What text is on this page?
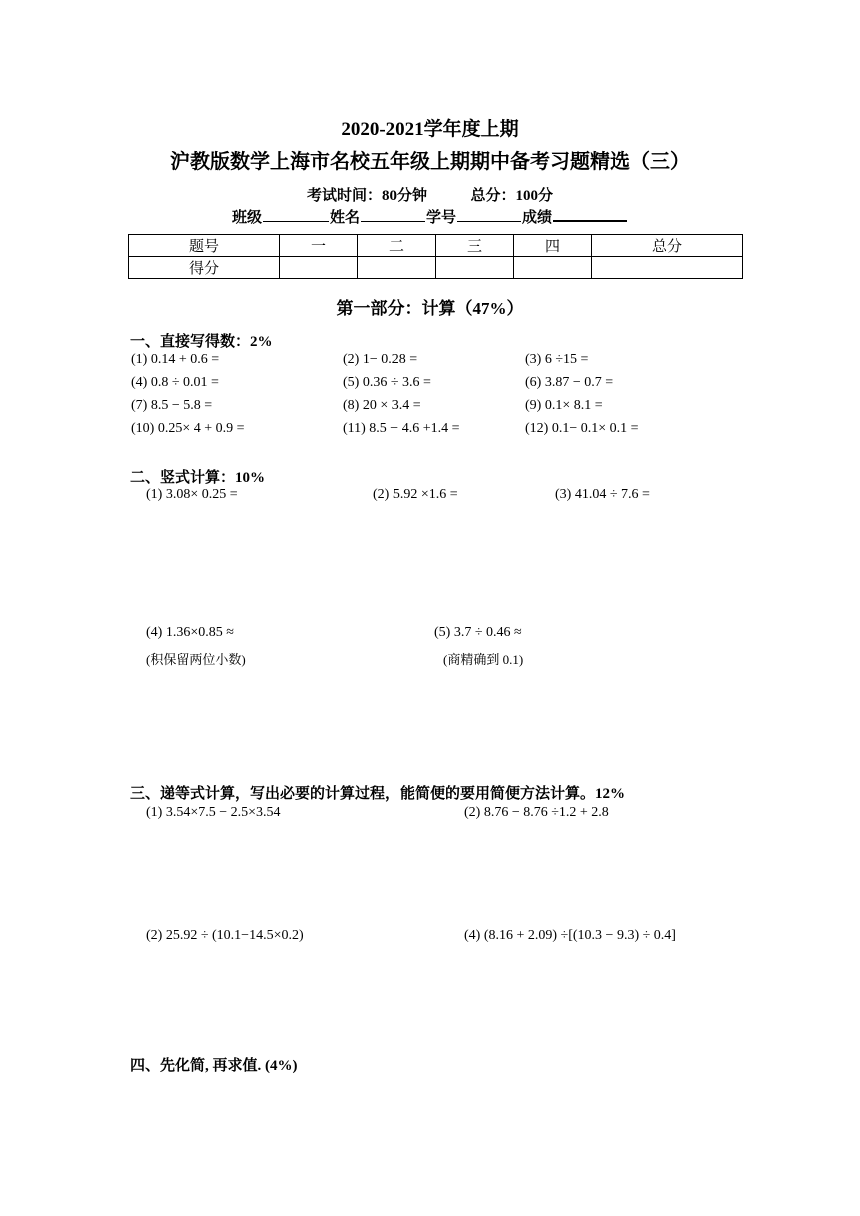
2020-2021学年度上期
沪教版数学上海市名校五年级上期期中备考习题精选（三）
考试时间：80分钟	总分：100分
班级	姓名	学号	成绩
题号	一	二	三	四	总分
得分					
第一部分：计算（47%）
一、直接写得数：2%
(1) 0.14 + 0.6 =	(2) 1− 0.28 =	(3) 6 ÷15 =
(4) 0.8 ÷ 0.01 =	(5) 0.36 ÷ 3.6 =	(6) 3.87 − 0.7 =
(7) 8.5 − 5.8 =	(8) 20 × 3.4 =	(9) 0.1× 8.1 =
(10) 0.25× 4 + 0.9 =	(11) 8.5 − 4.6 +1.4 =	(12) 0.1− 0.1× 0.1 =
二、竖式计算：10%
(1) 3.08× 0.25 =	(2) 5.92 ×1.6 =	(3) 41.04 ÷ 7.6 =
(4) 1.36×0.85 ≈	(5) 3.7 ÷ 0.46 ≈
(积保留两位小数)	(商精确到 0.1)
三、递等式计算，写出必要的计算过程，能简便的要用简便方法计算。12%
(1) 3.54×7.5 − 2.5×3.54	(2) 8.76 − 8.76 ÷1.2 + 2.8
(2) 25.92 ÷ (10.1−14.5×0.2)	(4) (8.16 + 2.09) ÷[(10.3 − 9.3) ÷ 0.4]
四、先化简, 再求值. (4%)
